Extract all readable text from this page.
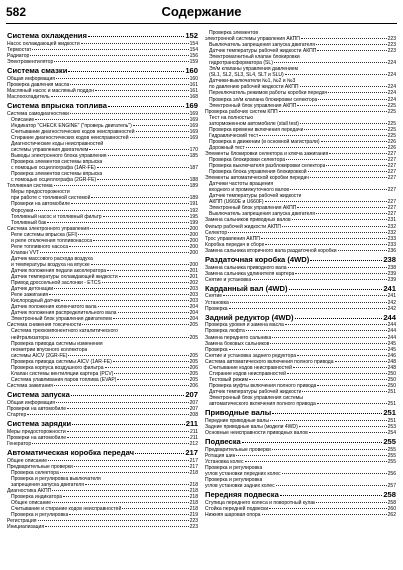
582	Содержание
Система охлаждения	152
Насос охлаждающей жидкости	154
Термостат	154
Радиатор	156
Электровентилятор	159
Система смазки	160
Общая информация	160
Проверка давления масла	161
Масляный насос и масляный поддон	161
Маслоохладитель	168
Система впрыска топлива	169
Система самодиагностики	169
Описание	169
Индикатор "CHECK ENGINE" ("проверь двигатель")	169
Считывание диагностических кодов неисправностей	169
Стирание диагностических кодов неисправностей	169
Диагностические коды неисправностей
системы управления двигателем	170
Выводы электронного блока управления	185
Проверка элементов системы впрыска
с помощью осциллографа (1AR-FE)	187
Проверка элементов системы впрыска
с помощью осциллографа (2GR-FE)	188
Топливная система	189
Меры предосторожности
при работе с топливной системой	189
Проверки на автомобиле	191
Форсунки	192
Топливный насос и топливный фильтр	195
Топливный бак	199
Система электронного управления	200
Реле системы впрыска (EFI)	200
и реле отключения топливонасоса	200
Реле топливного насоса	200
Клапан VVT	200
Датчик массового расхода воздуха
и температуры воздуха на впуске	200
Датчик положения педали акселератора	201
Датчик температуры охлаждающей жидкости	201
Привод дроссельной заслонки - ETCS	202
Датчик детонации	203
Реле зажигания	203
Кислородный датчик	203
Датчик положения коленчатого вала	204
Датчик положения распределительного вала	204
Электронный блок управления двигателем	204
Система снижения токсичности	205
Система трехкомпонентного каталитического
нейтрализатора	205
Проверка привода системы изменения
геометрии впускного коллектора
системы AICV (2GR-FE)	205
Проверка привода системы AICV (1AR-FE)	205
Проверка корпуса воздушного фильтра	206
Клапан системы вентиляции картера (PCV)	205
Система улавливания паров топлива (EVAP)	205
Система зажигания	206
Система запуска	207
Общая информация	207
Проверки на автомобиле	207
Стартер	208
Система зарядки	211
Меры предосторожности	211
Проверки на автомобиле	211
Генератор	212
Автоматическая коробка передач	217
Общее описание	217
Предварительные проверки	217
Проверка селектора	218
Проверка и регулировка выключателя
запрещения запуска двигателя	218
Диагностика АКПП	218
Проверка индикатора	218
Общее описание	218
Считывание и стирание кодов неисправностей	218
Проверка и регулировка	219
Регистрация	223
Инициализация	223
Проверка элементов
электронной системы управления АКПП	223
Выключатель запрещения запуска двигателя	223
Датчик температуры рабочей жидкости АКПП	223
Электромагнитный клапан блокировки
гидротрансформатора (SL)	224
Эл/м клапаны управления давлением
(SL1, SL2, SL3, SL4, SLT и SLU)	224
Датчики-выключатели №1, №2 и №3
по давлению рабочей жидкости АКПП	224
Переключатель режимов работы коробки передач	224
Проверка эл/м клапана блокировки селектора	224
Электронный блок управления АКПП	225
Проверка рабочих систем КПП	225
Тест на полностью
заторможенном автомобиле (stall test)	225
Проверка времени включения передачи	225
Гидравлический тест	225
Проверка в движении (в основной магистрали)	226
Дорожный тест	226
Элементы блокировки селектора и ключа зажигания	227
Проверка блокировки селектора	227
Проверка выключателя разблокировки селектора	227
Проверка блока управления блокировкой	227
Элементы автоматической коробки передач	227
Датчики частоты вращения
входного и промежуточного валов	227
Датчик температуры рабочей жидкости
АКПП (U660E и U660F)	227
Электронный блок управления АКПП	227
Выключатель запрещения запуска двигателя	227
Замена сальников приводных валов	231
Фильтр рабочей жидкости АКПП	232
Селектор	232
Трос управления АКПП	233
Коробка передач в сборе	233
Замена сальника вторичного вала раздаточной коробки	236
Раздаточная коробка (4WD)	238
Замена сальника приводного вала	238
Замена сальника удлинителя картера	239
Снятие и установка	239
Карданный вал (4WD)	241
Снятие	241
Установка	242
Проверка	242
Задний редуктор (4WD)	244
Проверка уровня и замена масла	244
Проверка люфта	244
Замена переднего сальника	244
Замена боковых сальников	245
Проверка	245
Снятие и установка заднего редуктора	246
Система автоматического включения полного привода	248
Считывание кодов неисправностей	248
Стирание кодов неисправностей	250
Тестовый режим	250
Проверка муфты включения полного привода	250
Датчик температуры рабочей жидкости	251
Электронный блок управления системы
автоматического включения полного привода	251
Приводные валы	251
Передние приводные валы	251
Задние приводные валы (модели 4WD)	253
Основные неисправности приводных валов	254
Подвеска	255
Предварительные проверки	255
Ротация шин	255
Установка колес	255
Проверка и регулировка
углов установки передних колес	256
Проверка и регулировка
углов установки задних колес	257
Передняя подвеска	258
Ступица переднего колеса и поворотный кулак	258
Стойка передней подвески	260
Нижняя шаровая опора	262
